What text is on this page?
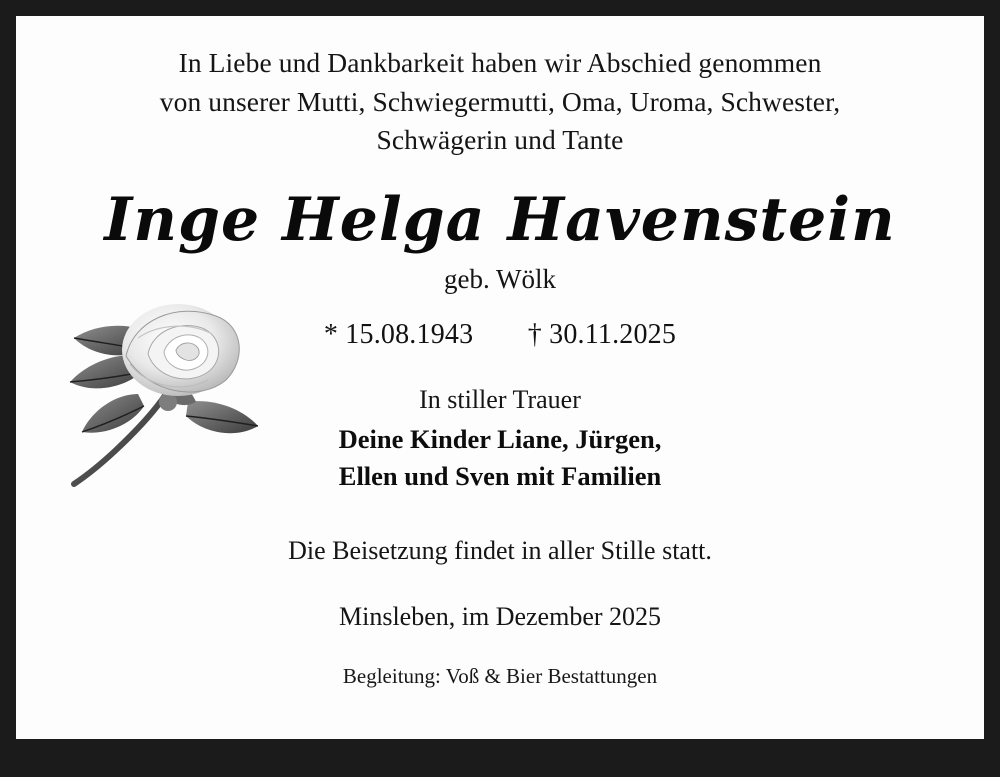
In Liebe und Dankbarkeit haben wir Abschied genommen
von unserer Mutti, Schwiegermutti, Oma, Uroma, Schwester,
Schwägerin und Tante
Inge Helga Havenstein
geb. Wölk
* 15.08.1943 † 30.11.2025
In stiller Trauer
Deine Kinder Liane, Jürgen,
Ellen und Sven mit Familien
Die Beisetzung findet in aller Stille statt.
Minsleben, im Dezember 2025
Begleitung: Voß & Bier Bestattungen
